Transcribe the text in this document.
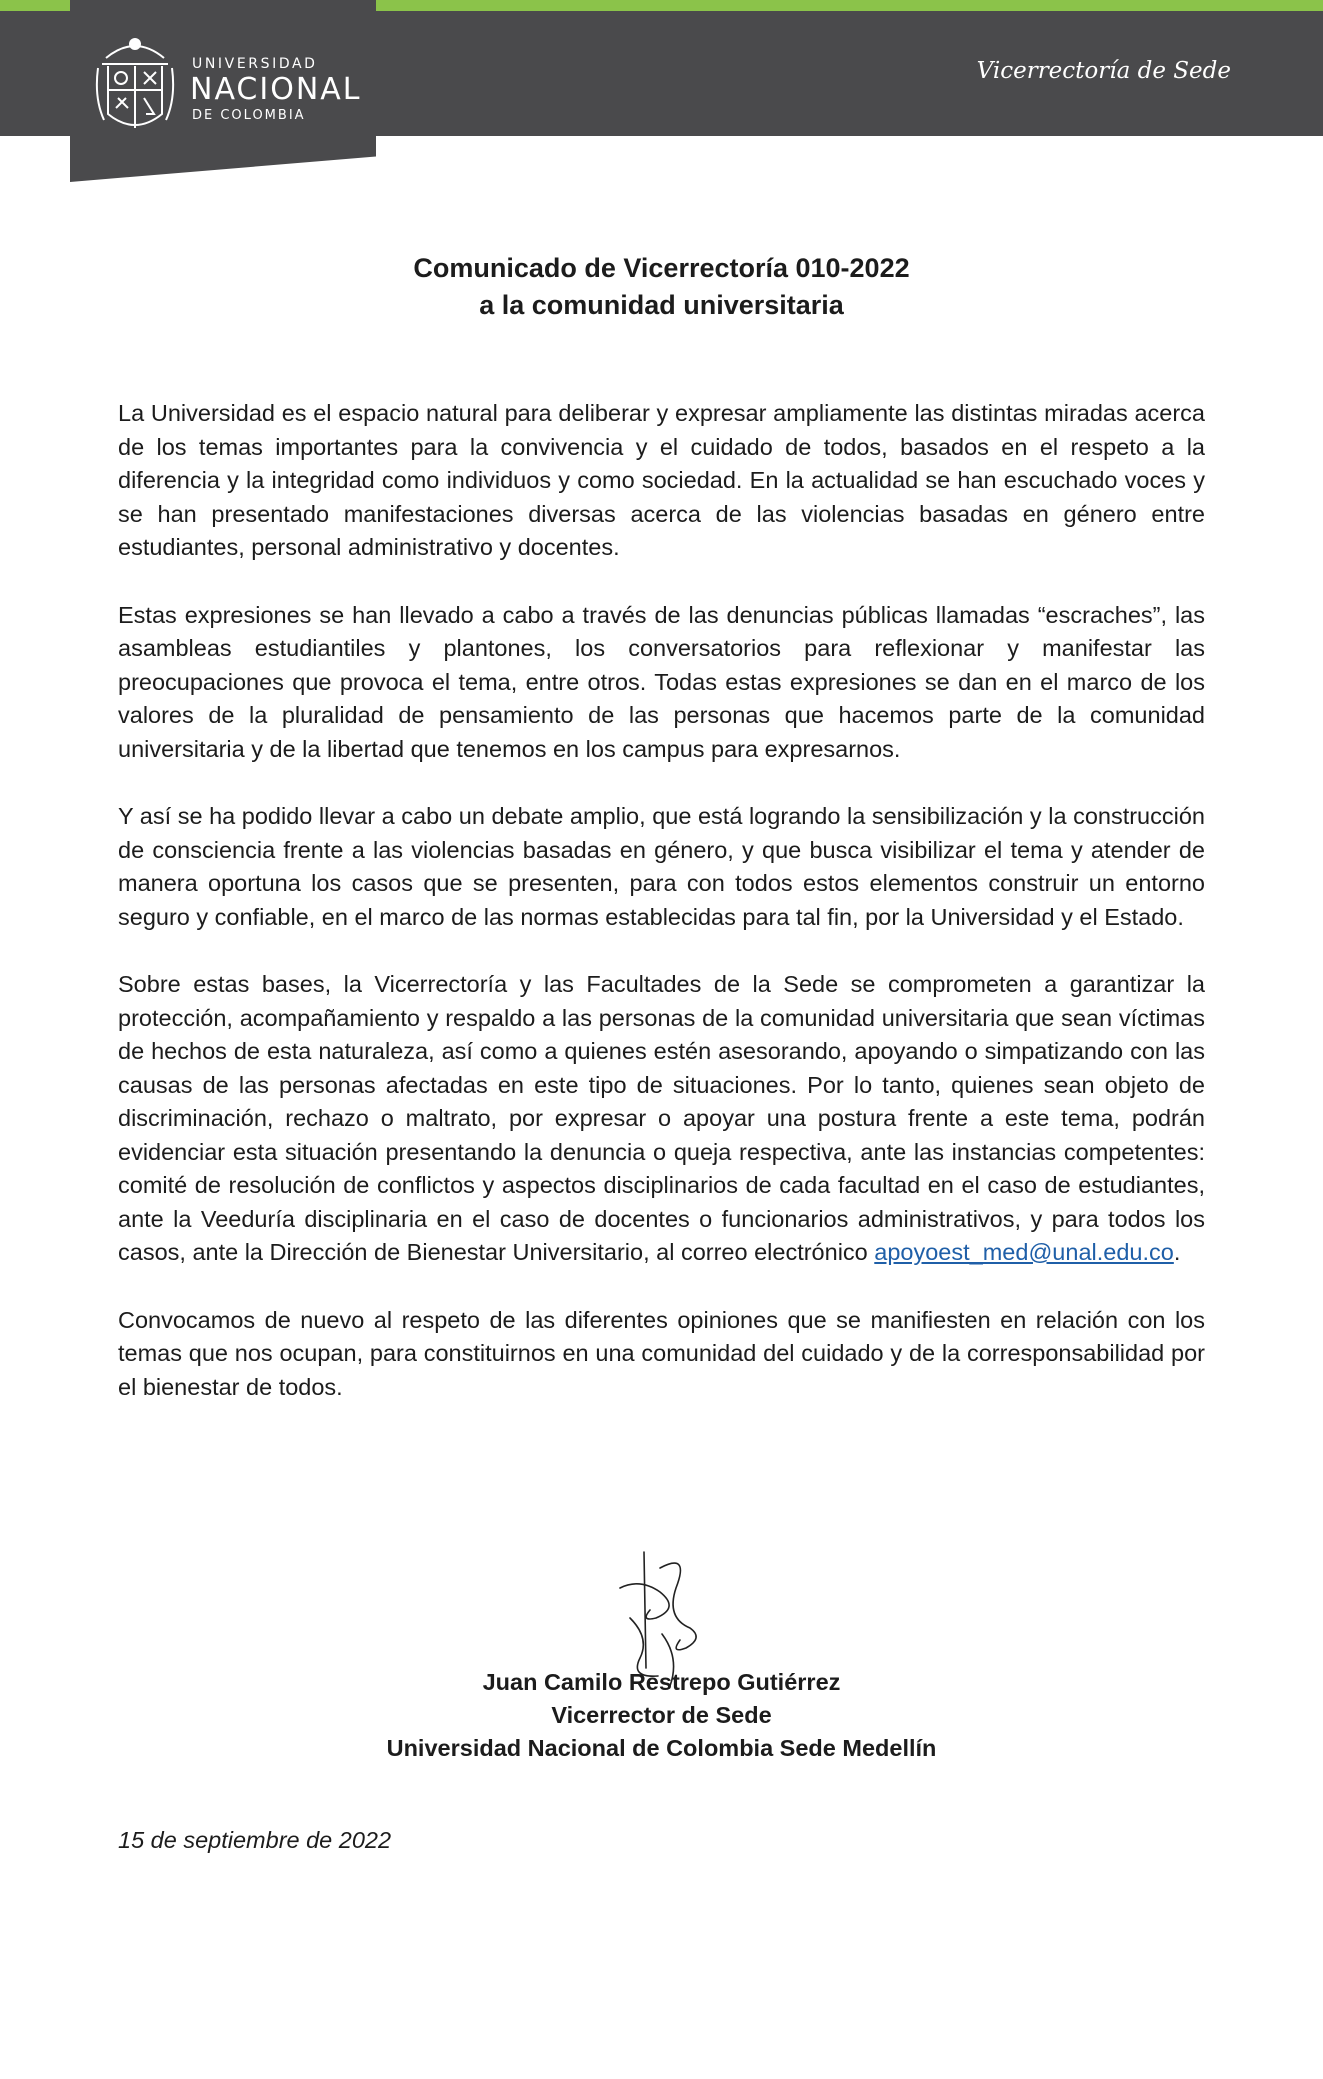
UNIVERSIDAD
NACIONAL
DE COLOMBIA
Vicerrectoría de Sede
Comunicado de Vicerrectoría 010-2022
a la comunidad universitaria

La Universidad es el espacio natural para deliberar y expresar ampliamente las distintas miradas acerca de los temas importantes para la convivencia y el cuidado de todos, basados en el respeto a la diferencia y la integridad como individuos y como sociedad. En la actualidad se han escuchado voces y se han presentado manifestaciones diversas acerca de las violencias basadas en género entre estudiantes, personal administrativo y docentes.

Estas expresiones se han llevado a cabo a través de las denuncias públicas llamadas “escraches”, las asambleas estudiantiles y plantones, los conversatorios para reflexionar y manifestar las preocupaciones que provoca el tema, entre otros. Todas estas expresiones se dan en el marco de los valores de la pluralidad de pensamiento de las personas que hacemos parte de la comunidad universitaria y de la libertad que tenemos en los campus para expresarnos.

Y así se ha podido llevar a cabo un debate amplio, que está logrando la sensibilización y la construcción de consciencia frente a las violencias basadas en género, y que busca visibilizar el tema y atender de manera oportuna los casos que se presenten, para con todos estos elementos construir un entorno seguro y confiable, en el marco de las normas establecidas para tal fin, por la Universidad y el Estado.

Sobre estas bases, la Vicerrectoría y las Facultades de la Sede se comprometen a garantizar la protección, acompañamiento y respaldo a las personas de la comunidad universitaria que sean víctimas de hechos de esta naturaleza, así como a quienes estén asesorando, apoyando o simpatizando con las causas de las personas afectadas en este tipo de situaciones. Por lo tanto, quienes sean objeto de discriminación, rechazo o maltrato, por expresar o apoyar una postura frente a este tema, podrán evidenciar esta situación presentando la denuncia o queja respectiva, ante las instancias competentes: comité de resolución de conflictos y aspectos disciplinarios de cada facultad en el caso de estudiantes, ante la Veeduría disciplinaria en el caso de docentes o funcionarios administrativos, y para todos los casos, ante la Dirección de Bienestar Universitario, al correo electrónico apoyoest_med@unal.edu.co.

Convocamos de nuevo al respeto de las diferentes opiniones que se manifiesten en relación con los temas que nos ocupan, para constituirnos en una comunidad del cuidado y de la corresponsabilidad por el bienestar de todos.

Juan Camilo Restrepo Gutiérrez
Vicerrector de Sede
Universidad Nacional de Colombia Sede Medellín
15 de septiembre de 2022
